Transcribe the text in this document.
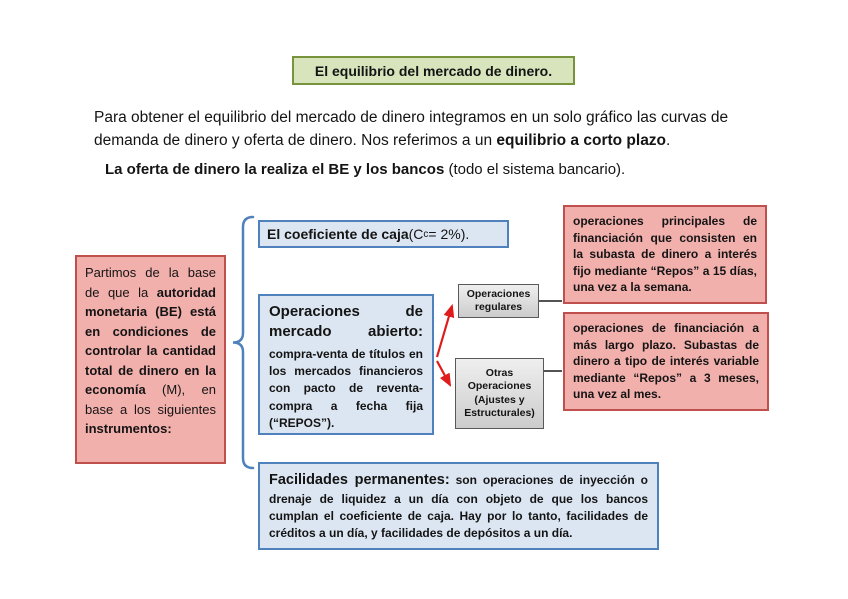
El equilibrio del mercado de dinero.
Para obtener el equilibrio del mercado de dinero integramos en un solo gráfico las curvas de demanda de dinero y oferta de dinero. Nos referimos a un equilibrio a corto plazo.
La oferta de dinero la realiza el BE y los bancos (todo el sistema bancario).
Partimos de la base de que la autoridad monetaria (BE) está en condiciones de controlar la cantidad total de dinero en la economía (M), en base a los siguientes instrumentos:
El coeficiente de caja (C c = 2%).
Operaciones de mercado abierto:
compra-venta de títulos en los mercados financieros con pacto de reventa-compra a fecha fija (“REPOS”).
Operaciones regulares
Otras Operaciones (Ajustes y Estructurales)
operaciones principales de financiación que consisten en la subasta de dinero a interés fijo mediante “Repos” a 15 días, una vez a la semana.
operaciones de financiación a más largo plazo. Subastas de dinero a tipo de interés variable mediante “Repos” a 3 meses, una vez al mes.
Facilidades permanentes: son operaciones de inyección o drenaje de liquidez a un día con objeto de que los bancos cumplan el coeficiente de caja. Hay por lo tanto, facilidades de créditos a un día, y facilidades de depósitos a un día.
